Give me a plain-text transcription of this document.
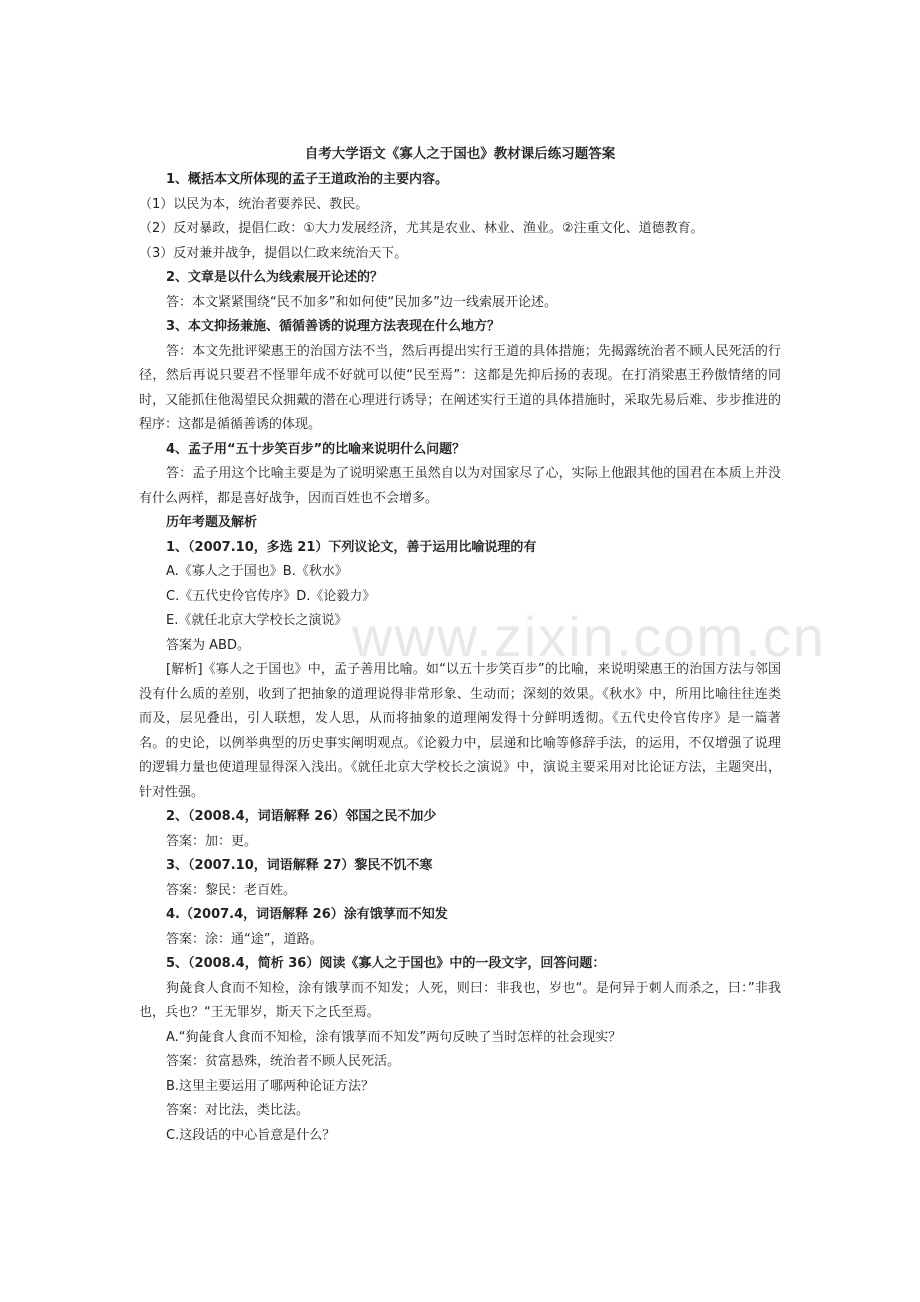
自考大学语文《寡人之于国也》教材课后练习题答案

1、概括本文所体现的孟子王道政治的主要内容。

（1）以民为本，统治者要养民、教民。

（2）反对暴政，提倡仁政：①大力发展经济，尤其是农业、林业、渔业。②注重文化、道德教育。

（3）反对兼并战争，提倡以仁政来统治天下。

2、文章是以什么为线索展开论述的？

答：本文紧紧围绕“民不加多”和如何使“民加多”边一线索展开论述。

3、本文抑扬兼施、循循善诱的说理方法表现在什么地方？

答：本文先批评梁惠王的治国方法不当，然后再提出实行王道的具体措施；先揭露统治者不顾人民死活的行径，然后再说只要君不怪罪年成不好就可以使“民至焉”：这都是先抑后扬的表现。在打消梁惠王矜傲情绪的同时，又能抓住他渴望民众拥戴的潜在心理进行诱导；在阐述实行王道的具体措施时，采取先易后难、步步推进的程序：这都是循循善诱的体现。

4、孟子用“五十步笑百步”的比喻来说明什么问题？

答：孟子用这个比喻主要是为了说明梁惠王虽然自以为对国家尽了心，实际上他跟其他的国君在本质上并没有什么两样，都是喜好战争，因而百姓也不会增多。

历年考题及解析

1、（2007.10，多选 21）下列议论文，善于运用比喻说理的有

A.《寡人之于国也》B.《秋水》

C.《五代史伶官传序》D.《论毅力》

E.《就任北京大学校长之演说》

答案为 ABD。

[解析]《寡人之于国也》中，孟子善用比喻。如“以五十步笑百步”的比喻，来说明梁惠王的治国方法与邻国没有什么质的差别，收到了把抽象的道理说得非常形象、生动而；深刻的效果。《秋水》中，所用比喻往往连类而及，层见叠出，引人联想，发人思，从而将抽象的道理阐发得十分鲜明透彻。《五代史伶官传序》是一篇著名。的史论，以例举典型的历史事实阐明观点。《论毅力中，层递和比喻等修辞手法，的运用，不仅增强了说理的逻辑力量也使道理显得深入浅出。《就任北京大学校长之演说》中，演说主要采用对比论证方法，主题突出，针对性强。

2、（2008.4，词语解释 26）邻国之民不加少

答案：加：更。

3、（2007.10，词语解释 27）黎民不饥不寒

答案：黎民：老百姓。

4.（2007.4，词语解释 26）涂有饿莩而不知发

答案：涂：通“途”，道路。

5、（2008.4，简析 36）阅读《寡人之于国也》中的一段文字，回答问题：

狗彘食人食而不知检，涂有饿莩而不知发；人死，则曰：非我也，岁也“。是何异于刺人而杀之，曰：”非我也，兵也？“王无罪岁，斯天下之氏至焉。

A.“狗彘食人食而不知检，涂有饿莩而不知发”两句反映了当时怎样的社会现实？

答案：贫富悬殊，统治者不顾人民死活。

B.这里主要运用了哪两种论证方法？

答案：对比法，类比法。

C.这段话的中心旨意是什么？

www.zixin.com.cn
